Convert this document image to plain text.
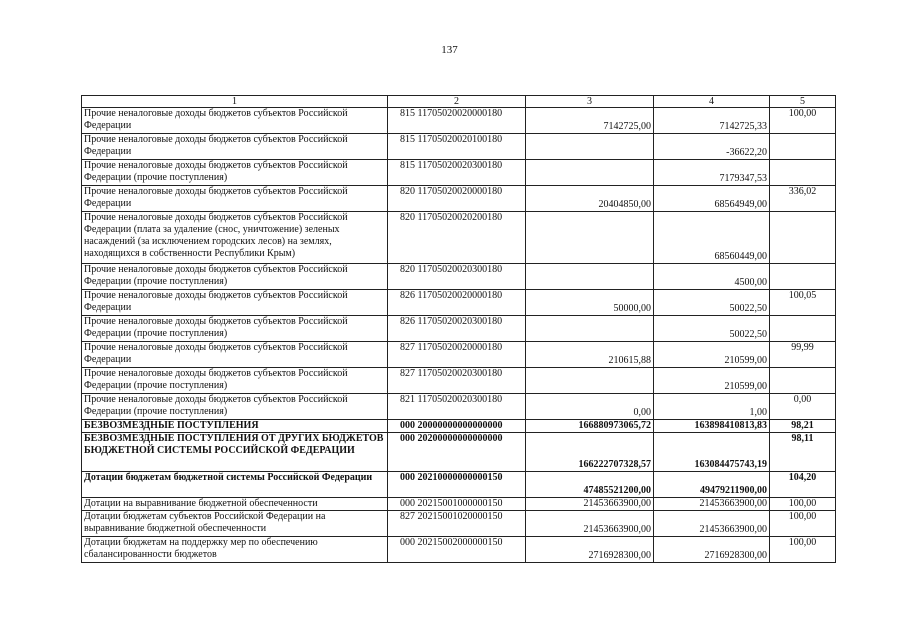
137
1	2	3	4	5
Прочие неналоговые доходы бюджетов субъектов Российской Федерации	815 11705020020000180	7142725,00	7142725,33	100,00
Прочие неналоговые доходы бюджетов субъектов Российской Федерации	815 11705020020100180		-36622,20	
Прочие неналоговые доходы бюджетов субъектов Российской Федерации (прочие поступления)	815 11705020020300180		7179347,53	
Прочие неналоговые доходы бюджетов субъектов Российской Федерации	820 11705020020000180	20404850,00	68564949,00	336,02
Прочие неналоговые доходы бюджетов субъектов Российской Федерации (плата за удаление (снос, уничтожение) зеленых насаждений (за исключением городских лесов) на землях, находящихся в собственности Республики Крым)	820 11705020020200180		68560449,00	
Прочие неналоговые доходы бюджетов субъектов Российской Федерации (прочие поступления)	820 11705020020300180		4500,00	
Прочие неналоговые доходы бюджетов субъектов Российской Федерации	826 11705020020000180	50000,00	50022,50	100,05
Прочие неналоговые доходы бюджетов субъектов Российской Федерации (прочие поступления)	826 11705020020300180		50022,50	
Прочие неналоговые доходы бюджетов субъектов Российской Федерации	827 11705020020000180	210615,88	210599,00	99,99
Прочие неналоговые доходы бюджетов субъектов Российской Федерации (прочие поступления)	827 11705020020300180		210599,00	
Прочие неналоговые доходы бюджетов субъектов Российской Федерации (прочие поступления)	821 11705020020300180	0,00	1,00	0,00
БЕЗВОЗМЕЗДНЫЕ ПОСТУПЛЕНИЯ	000 20000000000000000	166880973065,72	163898410813,83	98,21
БЕЗВОЗМЕЗДНЫЕ ПОСТУПЛЕНИЯ ОТ ДРУГИХ БЮДЖЕТОВ БЮДЖЕТНОЙ СИСТЕМЫ РОССИЙСКОЙ ФЕДЕРАЦИИ	000 20200000000000000	166222707328,57	163084475743,19	98,11
Дотации бюджетам бюджетной системы Российской Федерации	000 20210000000000150	47485521200,00	49479211900,00	104,20
Дотации на выравнивание бюджетной обеспеченности	000 20215001000000150	21453663900,00	21453663900,00	100,00
Дотации бюджетам субъектов Российской Федерации на выравнивание бюджетной обеспеченности	827 20215001020000150	21453663900,00	21453663900,00	100,00
Дотации бюджетам на поддержку мер по обеспечению сбалансированности бюджетов	000 20215002000000150	2716928300,00	2716928300,00	100,00
